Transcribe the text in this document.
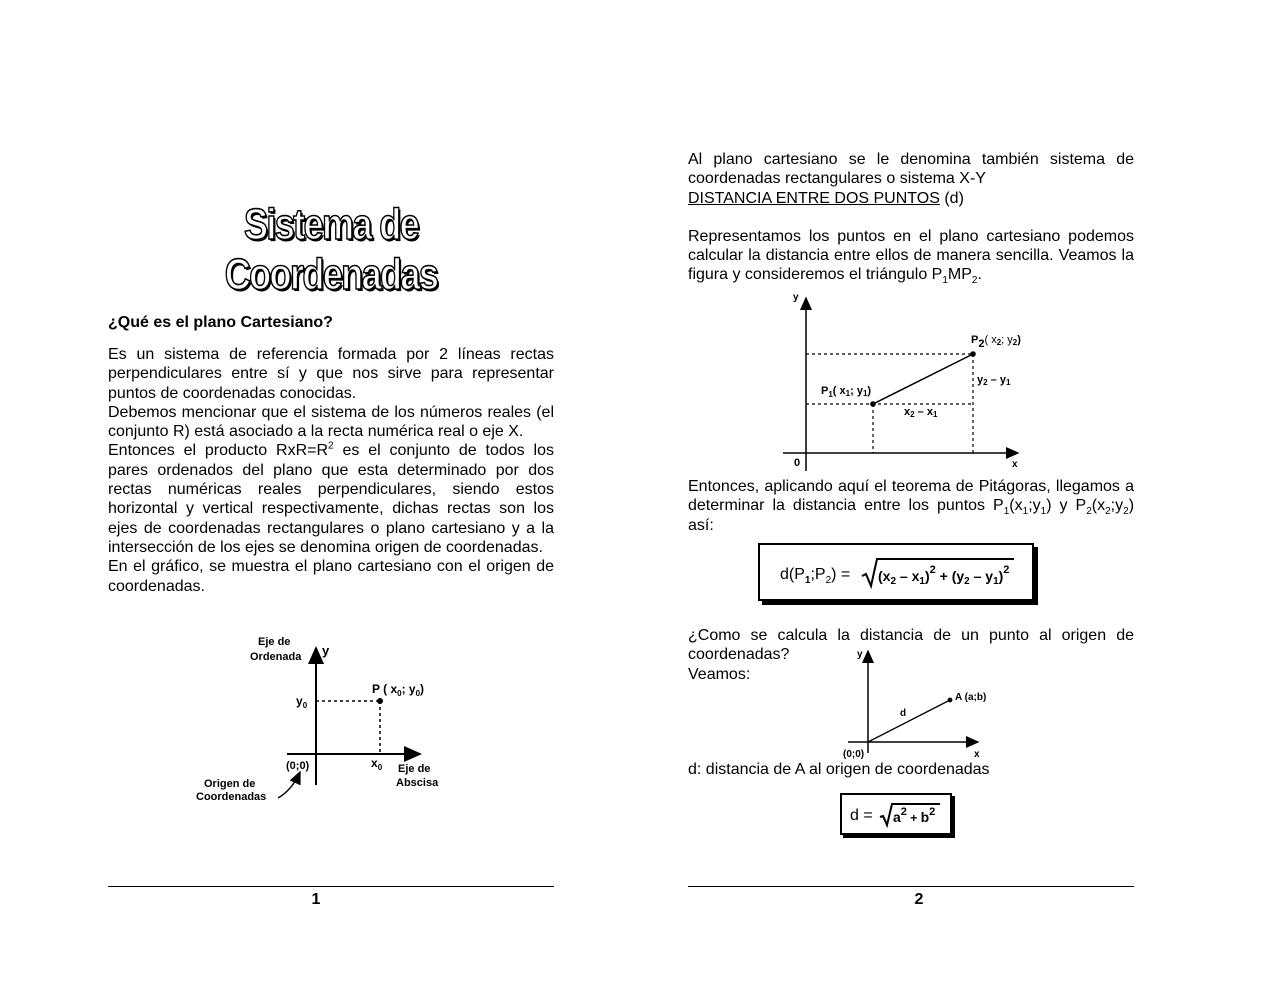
Sistema de Coordenadas
¿Qué es el plano Cartesiano?

Es un sistema de referencia formada por 2 líneas rectas perpendiculares entre sí y que nos sirve para representar puntos de coordenadas conocidas.

Debemos mencionar que el sistema de los números reales (el conjunto R) está asociado a la recta numérica real o eje X.

Entonces el producto $RxR=R^2$ es el conjunto de todos los pares ordenados del plano que esta determinado por dos rectas numéricas reales perpendiculares, siendo estos horizontal y vertical respectivamente, dichas rectas son los ejes de coordenadas rectangulares o plano cartesiano y a la intersección de los ejes se denomina origen de coordenadas.

En el gráfico, se muestra el plano cartesiano con el origen de coordenadas.

Eje de
Ordenada y
$y_0$
$x_0$
P ( $x_0$; $y_0$)
(0;0)	Eje de
Abscisa
Origen de
Coordenadas
1

Al plano cartesiano se le denomina también sistema de coordenadas rectangulares o sistema X-Y

DISTANCIA ENTRE DOS PUNTOS (d)

Representamos los puntos en el plano cartesiano podemos calcular la distancia entre ellos de manera sencilla. Veamos la figura y consideremos el triángulo $P_1MP_2$.

y
x
0
P2( x2; y2)
$P_1$( x1; y1)
y2 – y1
x2 – x1

Entonces, aplicando aquí el teorema de Pitágoras, llegamos a determinar la distancia entre los puntos $P_1(x_1;y_1)$ y $P_2(x_2;y_2)$ así:

$d(P_1;P_2) = (x_2 - x_1)^2 + (y_2 - y_1)^2$

¿Como se calcula la distancia de un punto al origen de coordenadas?

Veamos:

y
x
(0;0)
A (a;b)
d
d: distancia de A al origen de coordenadas
$d = a^2 + b^2$
2
